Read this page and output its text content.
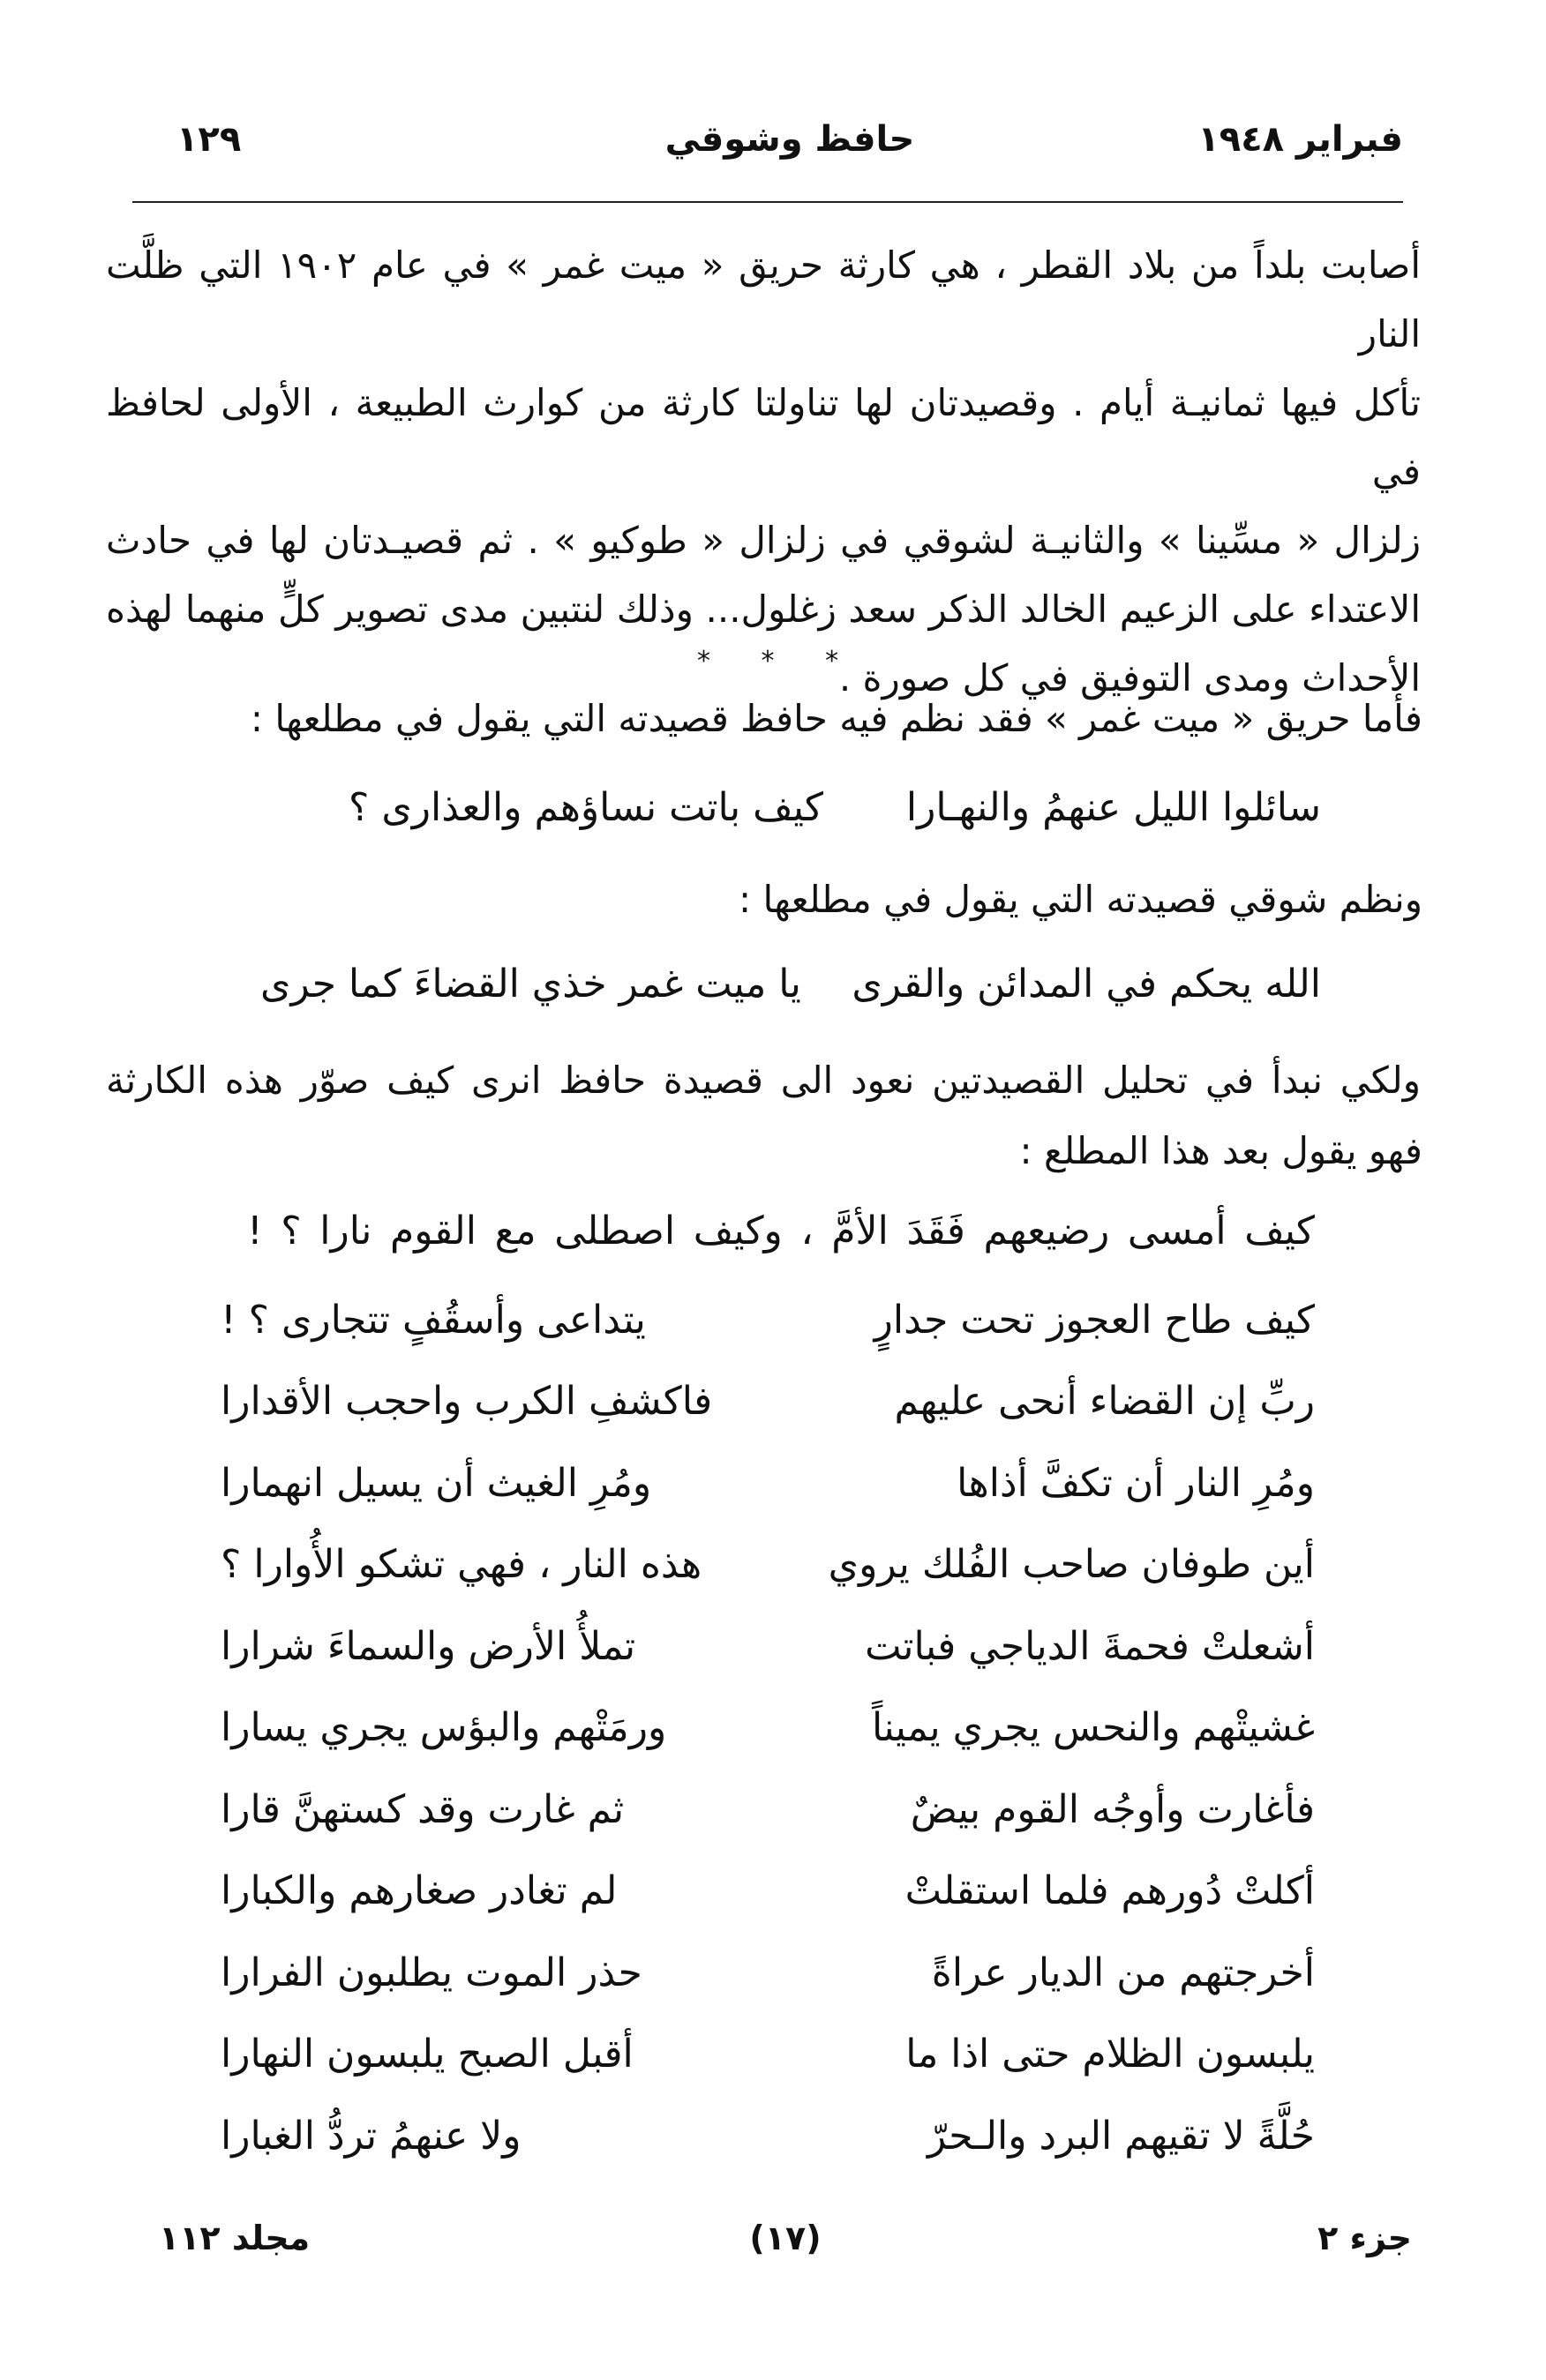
فبراير ١٩٤٨
حافظ وشوقي
١٢٩

أصابت بلداً من بلاد القطر ، هي كارثة حريق « ميت غمر » في عام ١٩٠٢ التي ظلَّت النار

تأكل فيها ثمانيـة أيام . وقصيدتان لها تناولتا كارثة من كوارث الطبيعة ، الأولى لحافظ في

زلزال « مسِّينا » والثانيـة لشوقي في زلزال « طوكيو » . ثم قصيـدتان لها في حادث

الاعتداء على الزعيم الخالد الذكر سعد زغلول... وذلك لنتبين مدى تصوير كلٍّ منهما لهذه

الأحداث ومدى التوفيق في كل صورة .

* * *
فأما حريق « ميت غمر » فقد نظم فيه حافظ قصيدته التي يقول في مطلعها :
سائلوا الليل عنهمُ والنهـارا
كيف باتت نساؤهم والعذارى ؟
ونظم شوقي قصيدته التي يقول في مطلعها :
الله يحكم في المدائن والقرى
يا ميت غمر خذي القضاءَ كما جرى
ولكي نبدأ في تحليل القصيدتين نعود الى قصيدة حافظ انرى كيف صوّر هذه الكارثة
فهو يقول بعد هذا المطلع :
كيف أمسى رضيعهم فَقَدَ الأمَّ ، وكيف اصطلى مع القوم نارا ؟ !
كيف طاح العجوز تحت جدارٍ
يتداعى وأسقُفٍ تتجارى ؟ !
ربِّ إن القضاء أنحى عليهم
فاكشفِ الكرب واحجب الأقدارا
ومُرِ النار أن تكفَّ أذاها
ومُرِ الغيث أن يسيل انهمارا
أين طوفان صاحب الفُلك يروي
هذه النار ، فهي تشكو الأُوارا ؟
أشعلتْ فحمةَ الدياجي فباتت
تملأُ الأرض والسماءَ شرارا
غشيتْهم والنحس يجري يميناً
ورمَتْهم والبؤس يجري يسارا
فأغارت وأوجُه القوم بيضٌ
ثم غارت وقد كستهنَّ قارا
أكلتْ دُورهم فلما استقلتْ
لم تغادر صغارهم والكبارا
أخرجتهم من الديار عراةً
حذر الموت يطلبون الفرارا
يلبسون الظلام حتى اذا ما
أقبل الصبح يلبسون النهارا
حُلَّةً لا تقيهم البرد والـحرّ
ولا عنهمُ تردُّ الغبارا
جزء ٢
(١٧)
مجلد ١١٢
